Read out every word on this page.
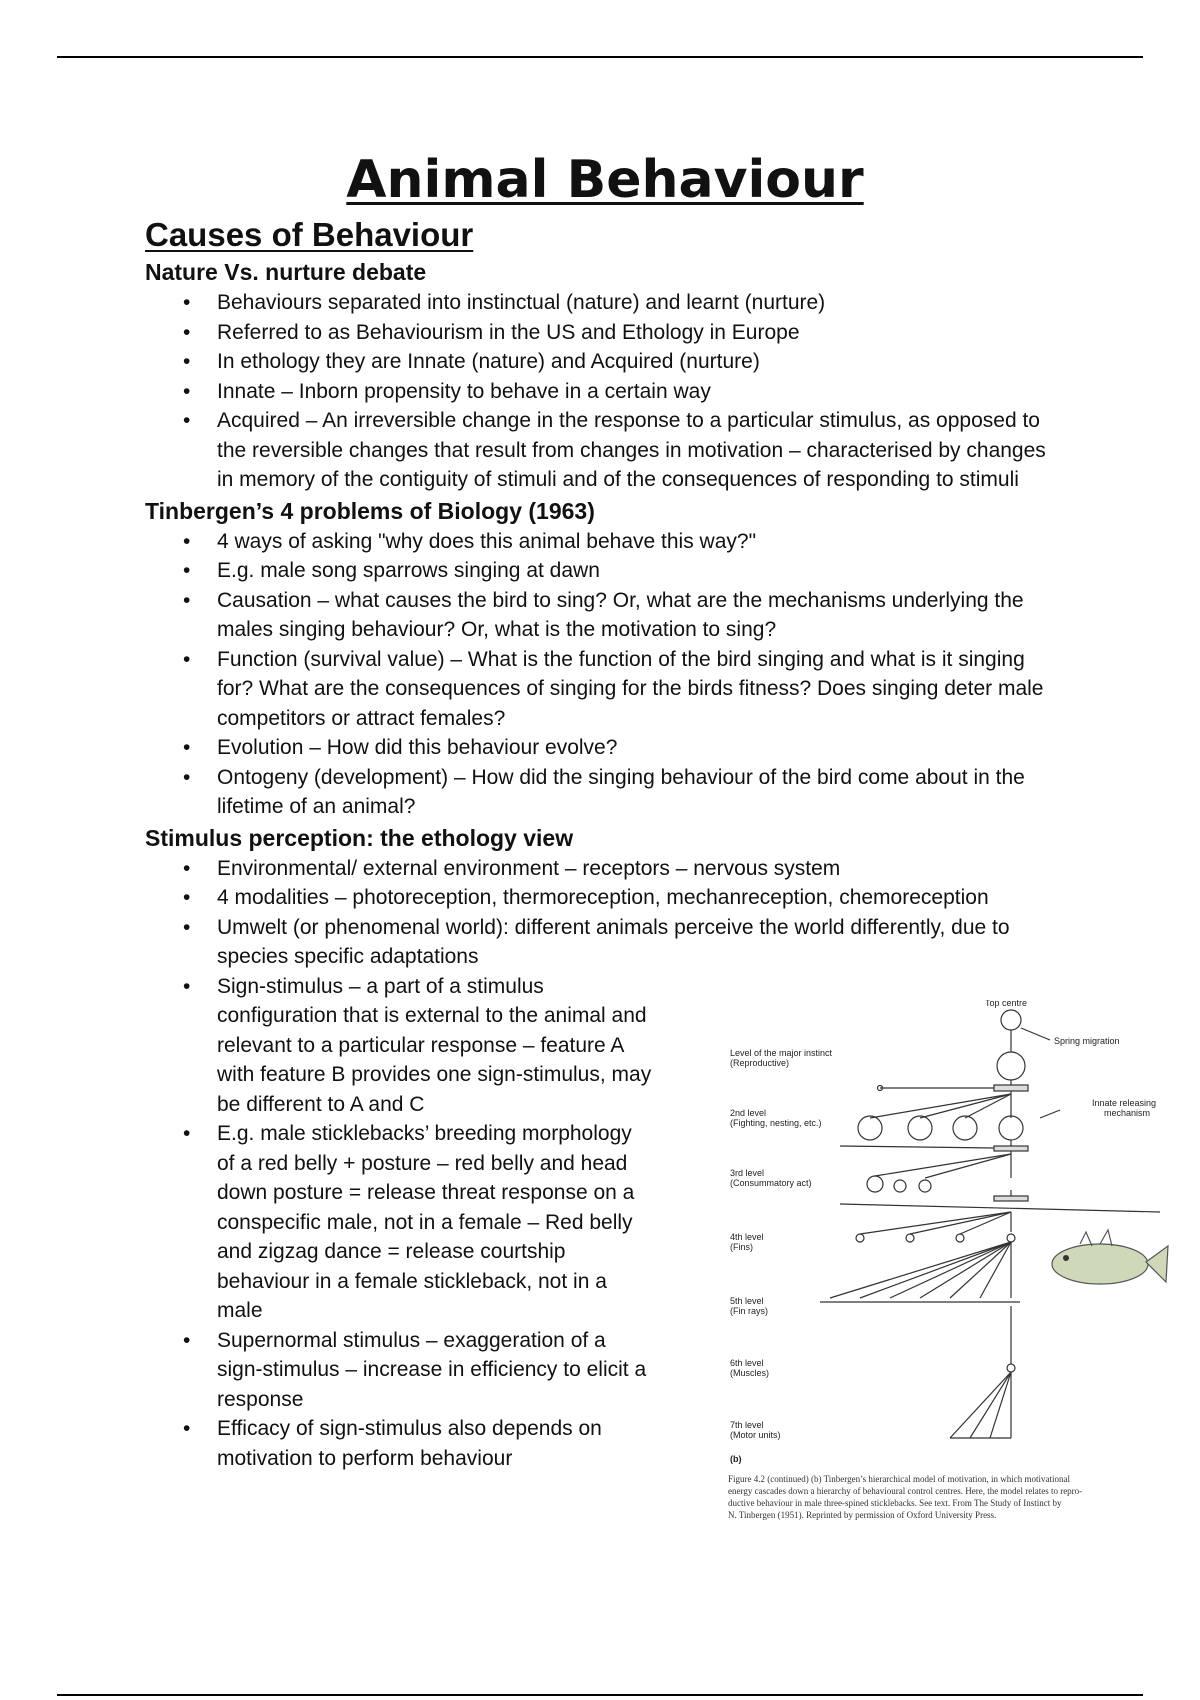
Animal Behaviour
Causes of Behaviour
Nature Vs. nurture debate
• Behaviours separated into instinctual (nature) and learnt (nurture)
• Referred to as Behaviourism in the US and Ethology in Europe
• In ethology they are Innate (nature) and Acquired (nurture)
• Innate – Inborn propensity to behave in a certain way
• Acquired – An irreversible change in the response to a particular stimulus, as opposed to the reversible changes that result from changes in motivation – characterised by changes in memory of the contiguity of stimuli and of the consequences of responding to stimuli
Tinbergen’s 4 problems of Biology (1963)
• 4 ways of asking "why does this animal behave this way?"
• E.g. male song sparrows singing at dawn
• Causation – what causes the bird to sing? Or, what are the mechanisms underlying the males singing behaviour? Or, what is the motivation to sing?
• Function (survival value) – What is the function of the bird singing and what is it singing for? What are the consequences of singing for the birds fitness? Does singing deter male competitors or attract females?
• Evolution – How did this behaviour evolve?
• Ontogeny (development) – How did the singing behaviour of the bird come about in the lifetime of an animal?
Stimulus perception: the ethology view
• Environmental/ external environment – receptors – nervous system
• 4 modalities – photoreception, thermoreception, mechanreception, chemoreception
• Umwelt (or phenomenal world): different animals perceive the world differently, due to species specific adaptations
• Sign-stimulus – a part of a stimulus configuration that is external to the animal and relevant to a particular response – feature A with feature B provides one sign-stimulus, may be different to A and C
• E.g. male sticklebacks’ breeding morphology of a red belly + posture – red belly and head down posture = release threat response on a conspecific male, not in a female – Red belly and zigzag dance = release courtship behaviour in a female stickleback, not in a male
• Supernormal stimulus – exaggeration of a sign-stimulus – increase in efficiency to elicit a response
• Efficacy of sign-stimulus also depends on motivation to perform behaviour
Top centre
Spring migration
Innate releasing
mechanism
Level of the major instinct
(Reproductive)
2nd level
(Fighting, nesting, etc.)
3rd level
(Consummatory act)
4th level
(Fins)
5th level
(Fin rays)
6th level
(Muscles)
7th level
(Motor units)
(b)
Figure 4.2 (continued) (b) Tinbergen’s hierarchical model of motivation, in which motivational
energy cascades down a hierarchy of behavioural control centres. Here, the model relates to repro-
ductive behaviour in male three-spined sticklebacks. See text. From The Study of Instinct by
N. Tinbergen (1951). Reprinted by permission of Oxford University Press.
